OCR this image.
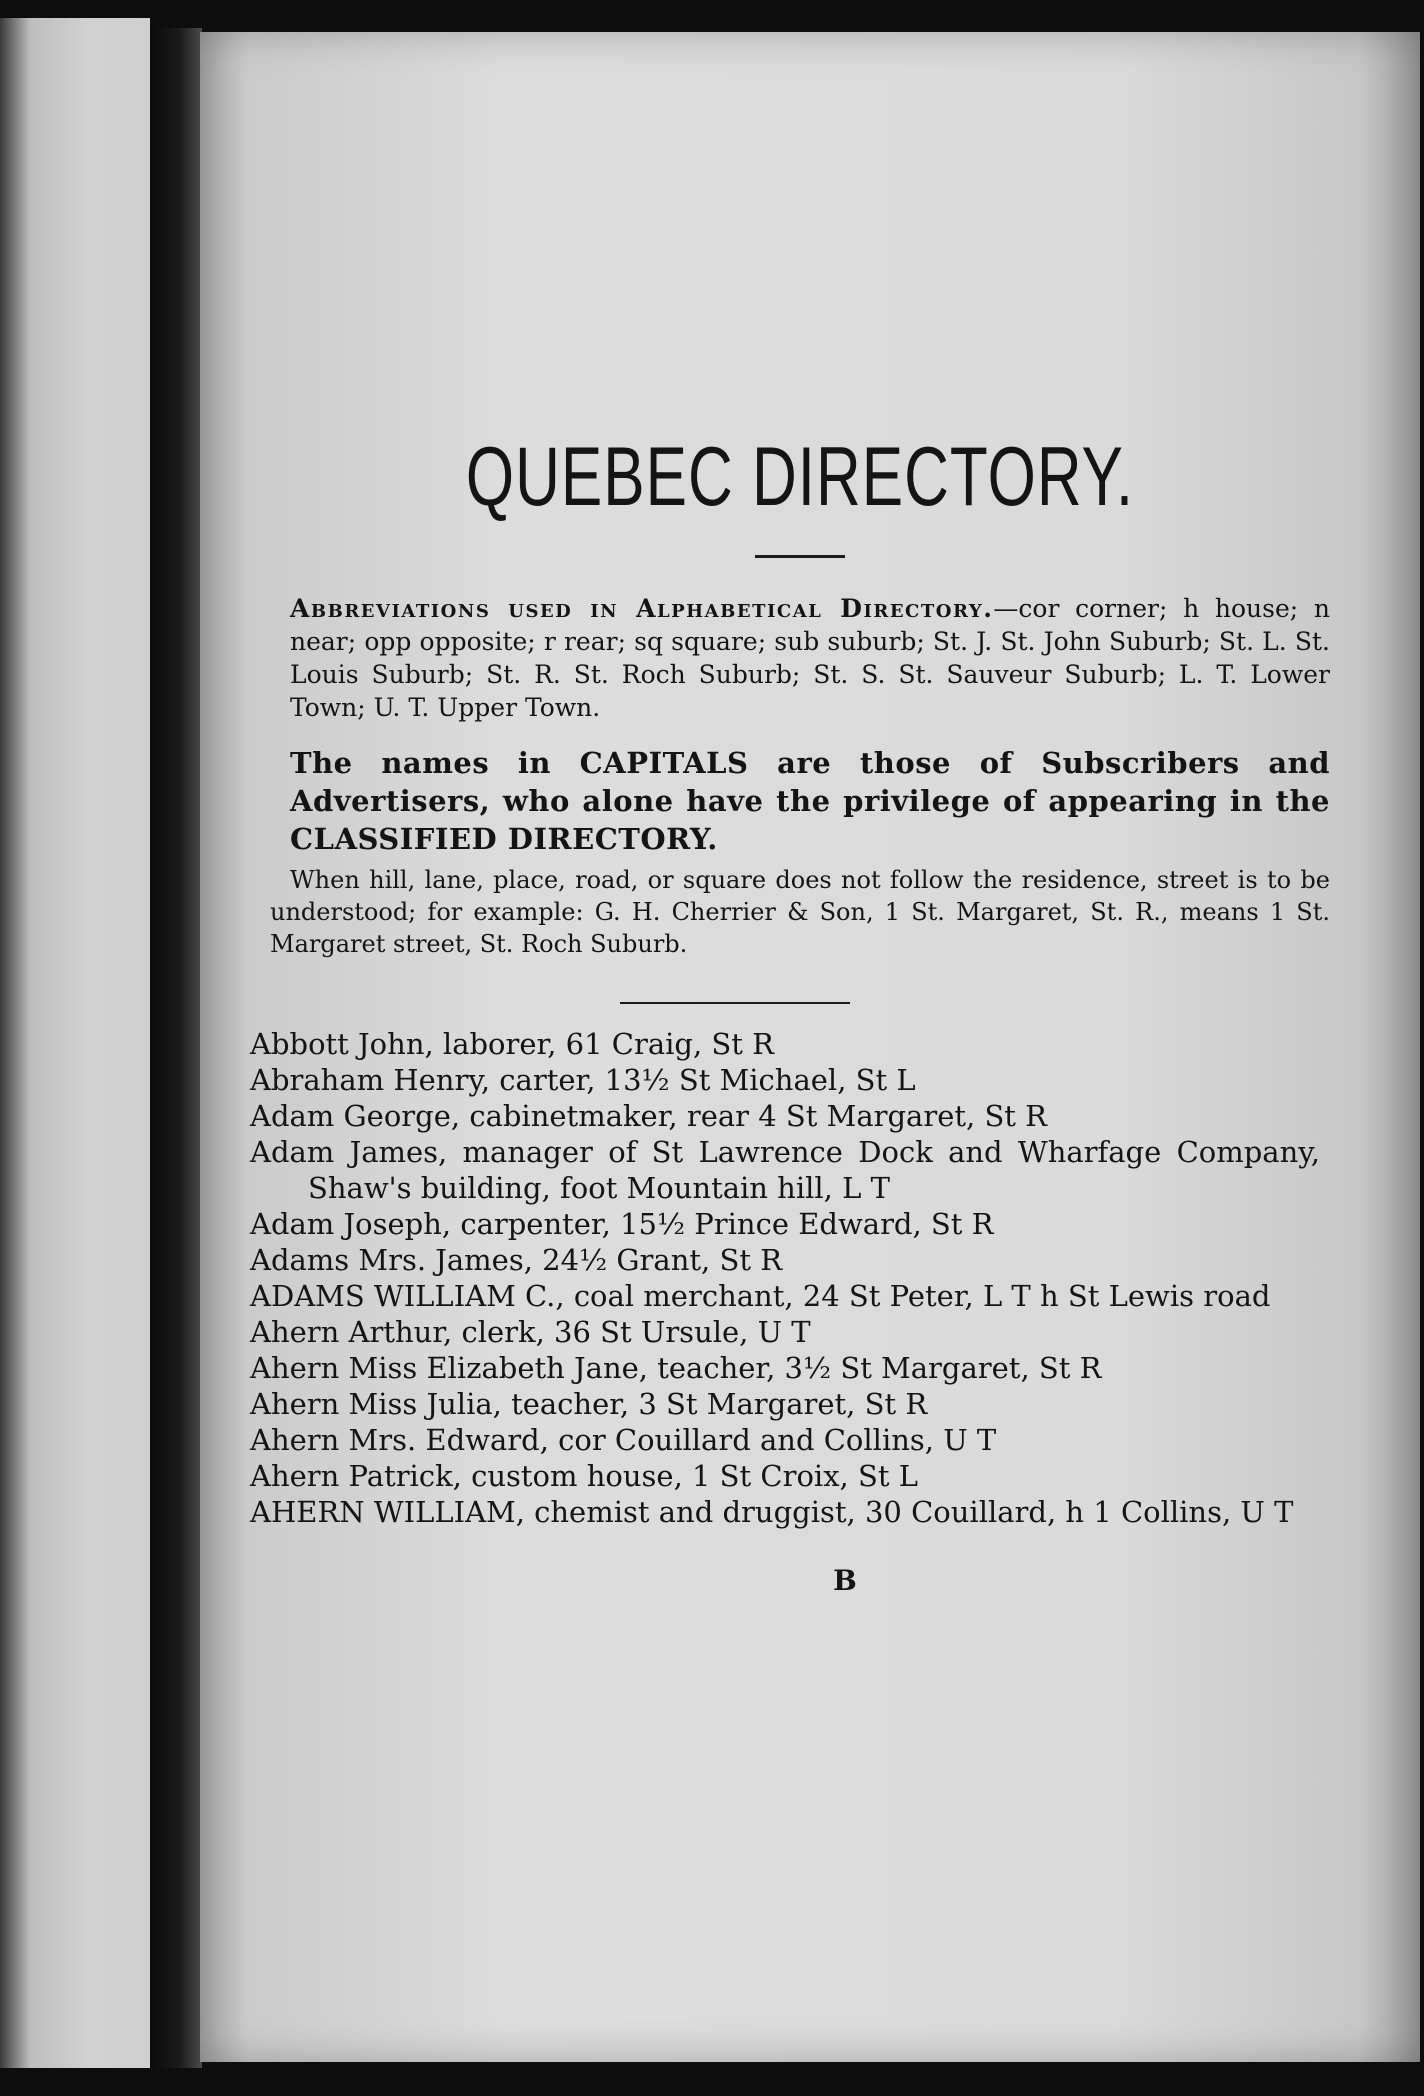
QUEBEC DIRECTORY.

Abbreviations used in Alphabetical Directory.—cor corner; h house; n near; opp opposite; r rear; sq square; sub suburb; St. J. St. John Suburb; St. L. St. Louis Suburb; St. R. St. Roch Suburb; St. S. St. Sauveur Suburb; L. T. Lower Town; U. T. Upper Town.

The names in CAPITALS are those of Subscribers and Advertisers, who alone have the privilege of appearing in the CLASSIFIED DIRECTORY.

When hill, lane, place, road, or square does not follow the residence, street is to be understood; for example: G. H. Cherrier & Son, 1 St. Margaret, St. R., means 1 St. Margaret street, St. Roch Suburb.

Abbott John, laborer, 61 Craig, St R
Abraham Henry, carter, 13½ St Michael, St L
Adam George, cabinetmaker, rear 4 St Margaret, St R
Adam James, manager of St Lawrence Dock and Wharfage Company, Shaw's building, foot Mountain hill, L T
Adam Joseph, carpenter, 15½ Prince Edward, St R
Adams Mrs. James, 24½ Grant, St R
ADAMS WILLIAM C., coal merchant, 24 St Peter, L T h St Lewis road
Ahern Arthur, clerk, 36 St Ursule, U T
Ahern Miss Elizabeth Jane, teacher, 3½ St Margaret, St R
Ahern Miss Julia, teacher, 3 St Margaret, St R
Ahern Mrs. Edward, cor Couillard and Collins, U T
Ahern Patrick, custom house, 1 St Croix, St L
AHERN WILLIAM, chemist and druggist, 30 Couillard, h 1 Collins, U T
B
